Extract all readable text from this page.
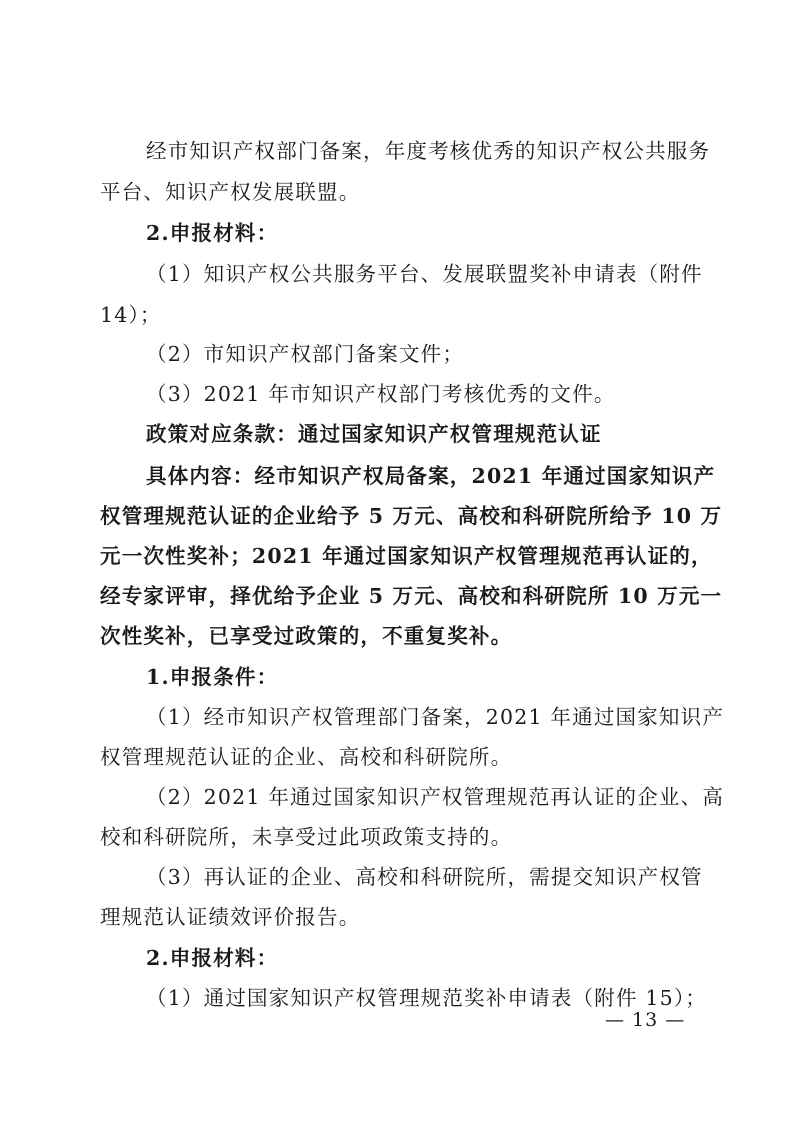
经市知识产权部门备案，年度考核优秀的知识产权公共服务
平台、知识产权发展联盟。
2.申报材料：
（1）知识产权公共服务平台、发展联盟奖补申请表（附件
14）；
（2）市知识产权部门备案文件；
（3）2021 年市知识产权部门考核优秀的文件。
政策对应条款：通过国家知识产权管理规范认证
具体内容：经市知识产权局备案，2021 年通过国家知识产
权管理规范认证的企业给予 5 万元、高校和科研院所给予 10 万
元一次性奖补；2021 年通过国家知识产权管理规范再认证的，
经专家评审，择优给予企业 5 万元、高校和科研院所 10 万元一
次性奖补，已享受过政策的，不重复奖补。
1.申报条件：
（1）经市知识产权管理部门备案，2021 年通过国家知识产
权管理规范认证的企业、高校和科研院所。
（2）2021 年通过国家知识产权管理规范再认证的企业、高
校和科研院所，未享受过此项政策支持的。
（3）再认证的企业、高校和科研院所，需提交知识产权管
理规范认证绩效评价报告。
2.申报材料：
（1）通过国家知识产权管理规范奖补申请表（附件 15）；
— 13 —
